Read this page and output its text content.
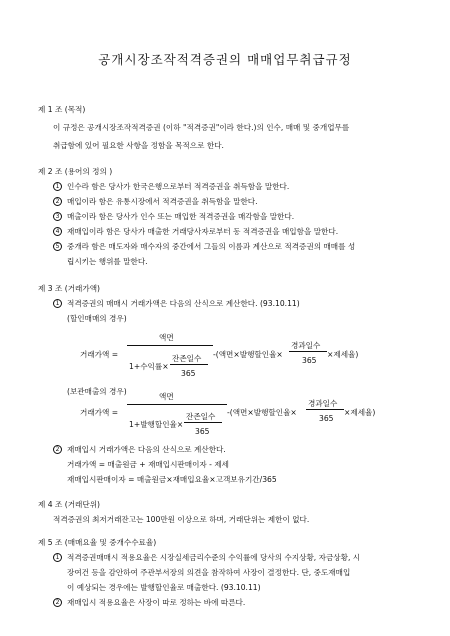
공개시장조작적격증권의 매매업무취급규정
제 1 조 (목적)
이 규정은 공개시장조작적격증권 (이하 "적격증권"이라 한다.)의 인수, 매매 및 중개업무를
취급함에 있어 필요한 사항을 정함을 목적으로 한다.
제 2 조 (용어의 정의 )
1 인수라 함은 당사가 한국은행으로부터 적격증권을 취득함을 말한다.
2 매입이라 함은 유통시장에서 적격증권을 취득함을 말한다.
3 매출이라 함은 당사가 인수 또는 매입한 적격증권을 매각함을 말한다.
4 재매입이라 함은 당사가 매출한 거래당사자로부터 동 적격증권을 매입함을 말한다.
5 중개라 함은 매도자와 매수자의 중간에서 그들의 이름과 계산으로 적격증권의 매매를 성
립시키는 행위를 말한다.
제 3 조 (거래가액)
1 적격증권의 매매시 거래가액은 다음의 산식으로 계산한다. (93.10.11)
(할인매매의 경우)
거래가액 =
액면
1+수익률×
잔존일수
365
-(액면×발행할인율×
경과일수
365
×제세율)
(보관매출의 경우)
거래가액 =
액면
1+발행할인율×
잔존일수
365
-(액면×발행할인율×
경과일수
365
×제세율)
2 재매입시 거래가액은 다음의 산식으로 계산한다.
거래가액 = 매출원금 + 재매입시판매이자 - 제세
재매입시판매이자 = 매출원금×재매입요율×고객보유기간/365
제 4 조 (거래단위)
적격증권의 최저거래잔고는 100만원 이상으로 하며, 거래단위는 제한이 없다.
제 5 조 (매매요율 및 중개수수료율)
1 적격증권매매시 적용요율은 시장실세금리수준의 수익률에 당사의 수지상황, 자금상황, 시
장여건 등을 감안하여 주관부서장의 의견을 참작하여 사장이 결정한다. 단, 중도재매입
이 예상되는 경우에는 발행할인율로 매출한다. (93.10.11)
2 재매입시 적용요율은 사장이 따로 정하는 바에 따른다.
